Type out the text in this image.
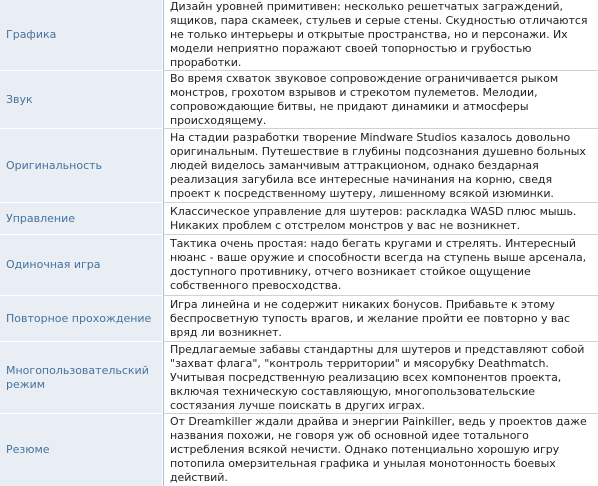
Графика	Дизайн уровней примитивен: несколько решетчатых заграждений, ящиков, пара скамеек, стульев и серые стены. Скудностью отличаются не только интерьеры и открытые пространства, но и персонажи. Их модели неприятно поражают своей топорностью и грубостью проработки.
Звук	Во время схваток звуковое сопровождение ограничивается рыком монстров, грохотом взрывов и стрекотом пулеметов. Мелодии, сопровождающие битвы, не придают динамики и атмосферы происходящему.
Оригинальность	На стадии разработки творение Mindware Studios казалось довольно оригинальным. Путешествие в глубины подсознания душевно больных людей виделось заманчивым аттракционом, однако бездарная реализация загубила все интересные начинания на корню, сведя проект к посредственному шутеру, лишенному всякой изюминки.
Управление	Классическое управление для шутеров: раскладка WASD плюс мышь. Никаких проблем с отстрелом монстров у вас не возникнет.
Одиночная игра	Тактика очень простая: надо бегать кругами и стрелять. Интересный нюанс - ваше оружие и способности всегда на ступень выше арсенала, доступного противнику, отчего возникает стойкое ощущение собственного превосходства.
Повторное прохождение	Игра линейна и не содержит никаких бонусов. Прибавьте к этому беспросветную тупость врагов, и желание пройти ее повторно у вас вряд ли возникнет.
Многопользовательский режим	Предлагаемые забавы стандартны для шутеров и представляют собой "захват флага", "контроль территории" и мясорубку Deathmatch. Учитывая посредственную реализацию всех компонентов проекта, включая техническую составляющую, многопользовательские состязания лучше поискать в других играх.
Резюме	От Dreamkiller ждали драйва и энергии Painkiller, ведь у проектов даже названия похожи, не говоря уж об основной идее тотального истребления всякой нечисти. Однако потенциально хорошую игру потопила омерзительная графика и унылая монотонность боевых действий.
